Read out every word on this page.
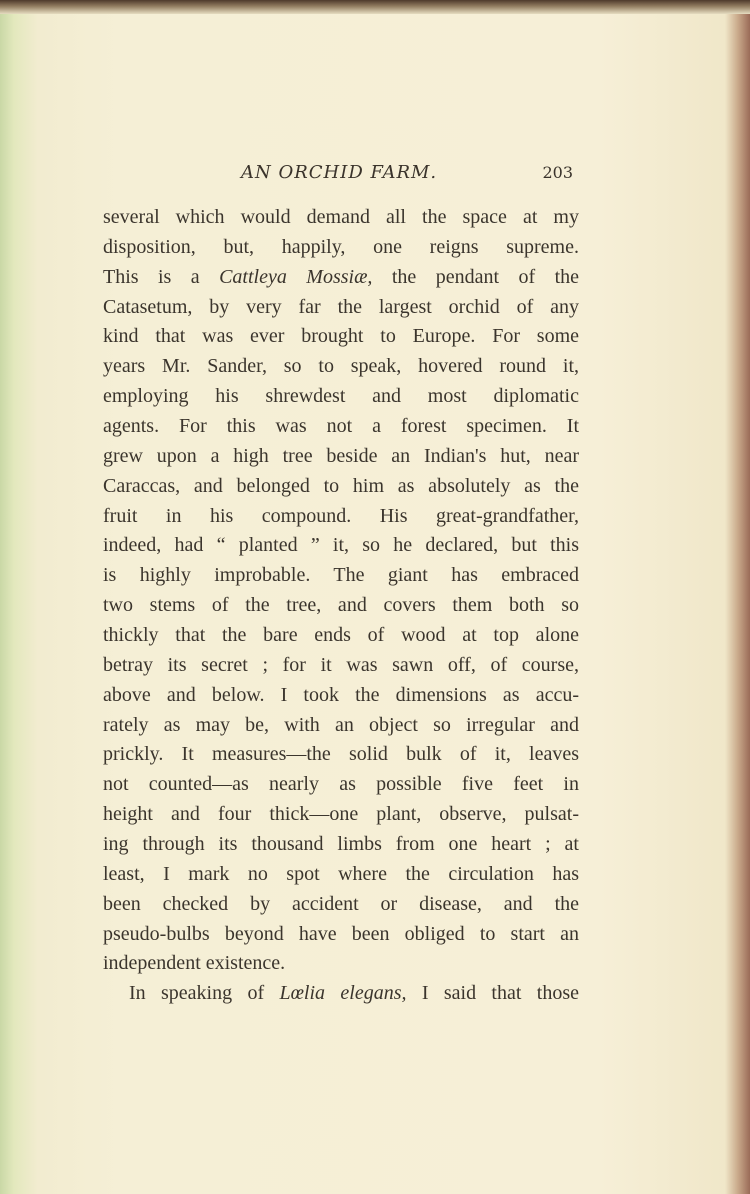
AN ORCHID FARM.	203
several which would demand all the space at my
disposition, but, happily, one reigns supreme.
This is a Cattleya Mossiæ, the pendant of the
Catasetum, by very far the largest orchid of any
kind that was ever brought to Europe. For some
years Mr. Sander, so to speak, hovered round it,
employing his shrewdest and most diplomatic
agents. For this was not a forest specimen. It
grew upon a high tree beside an Indian's hut, near
Caraccas, and belonged to him as absolutely as the
fruit in his compound. His great-grandfather,
indeed, had “ planted ” it, so he declared, but this
is highly improbable. The giant has embraced
two stems of the tree, and covers them both so
thickly that the bare ends of wood at top alone
betray its secret ; for it was sawn off, of course,
above and below. I took the dimensions as accu-
rately as may be, with an object so irregular and
prickly. It measures—the solid bulk of it, leaves
not counted—as nearly as possible five feet in
height and four thick—one plant, observe, pulsat-
ing through its thousand limbs from one heart ; at
least, I mark no spot where the circulation has
been checked by accident or disease, and the
pseudo-bulbs beyond have been obliged to start an
independent existence.
In speaking of Lœlia elegans, I said that those
